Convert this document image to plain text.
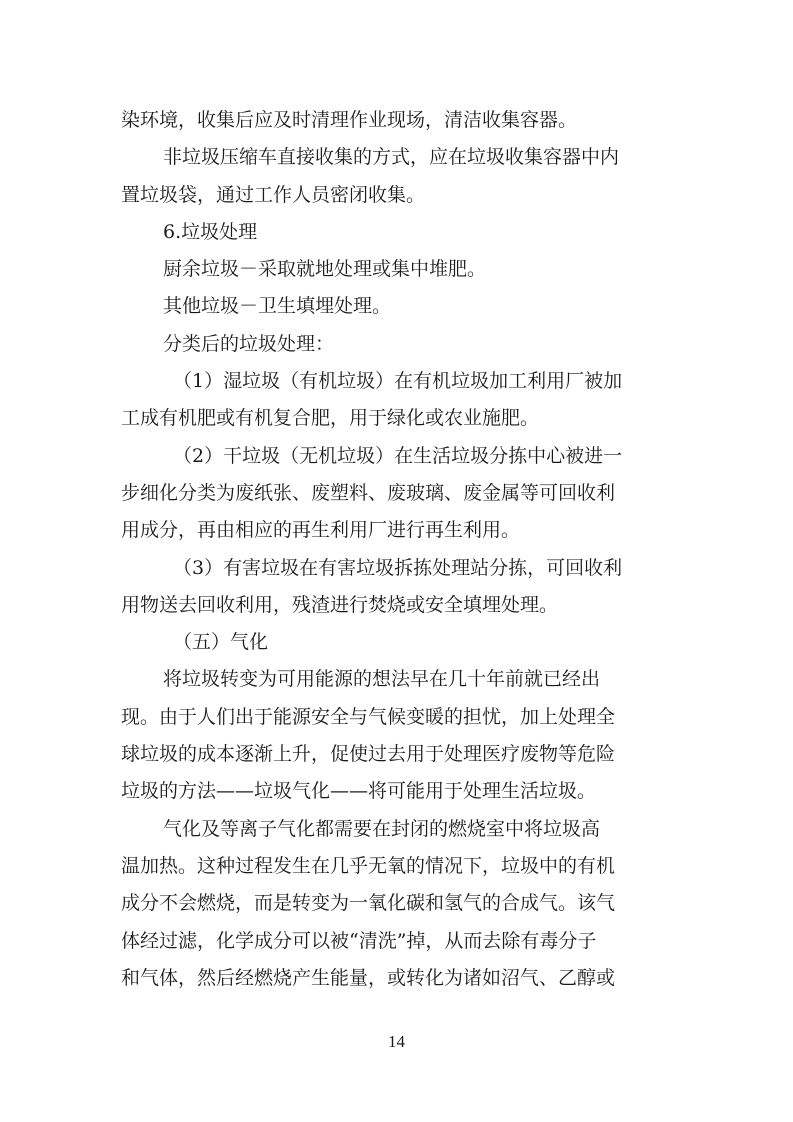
染环境，收集后应及时清理作业现场，清洁收集容器。
非垃圾压缩车直接收集的方式，应在垃圾收集容器中内
置垃圾袋，通过工作人员密闭收集。
6.垃圾处理
厨余垃圾－采取就地处理或集中堆肥。
其他垃圾－卫生填埋处理。
分类后的垃圾处理：
（1）湿垃圾（有机垃圾）在有机垃圾加工利用厂被加
工成有机肥或有机复合肥，用于绿化或农业施肥。
（2）干垃圾（无机垃圾）在生活垃圾分拣中心被进一
步细化分类为废纸张、废塑料、废玻璃、废金属等可回收利
用成分，再由相应的再生利用厂进行再生利用。
（3）有害垃圾在有害垃圾拆拣处理站分拣，可回收利
用物送去回收利用，残渣进行焚烧或安全填埋处理。
（五）气化
将垃圾转变为可用能源的想法早在几十年前就已经出
现。由于人们出于能源安全与气候变暖的担忧，加上处理全
球垃圾的成本逐渐上升，促使过去用于处理医疗废物等危险
垃圾的方法——垃圾气化——将可能用于处理生活垃圾。
气化及等离子气化都需要在封闭的燃烧室中将垃圾高
温加热。这种过程发生在几乎无氧的情况下，垃圾中的有机
成分不会燃烧，而是转变为一氧化碳和氢气的合成气。该气
体经过滤，化学成分可以被“清洗”掉，从而去除有毒分子
和气体，然后经燃烧产生能量，或转化为诸如沼气、乙醇或
14
